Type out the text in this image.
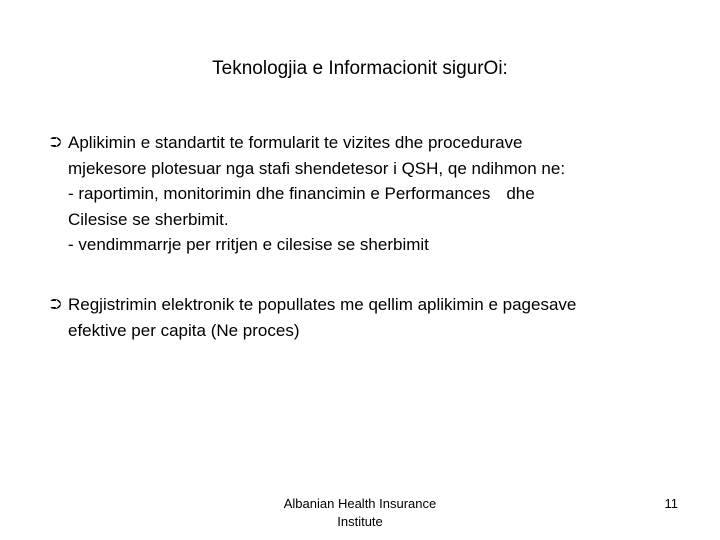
Teknologjia e Informacionit sigurOi:
⮊ Aplikimin e standartit te formularit te vizites dhe procedurave
mjekesore plotesuar nga stafi shendetesor i QSH, qe ndihmon ne:
- raportimin, monitorimin dhe financimin e Performances dhe
Cilesise se sherbimit.
- vendimmarrje per rritjen e cilesise se sherbimit
⮊ Regjistrimin elektronik te popullates me qellim aplikimin e pagesave
efektive per capita (Ne proces)
Albanian Health Insurance
Institute
11
